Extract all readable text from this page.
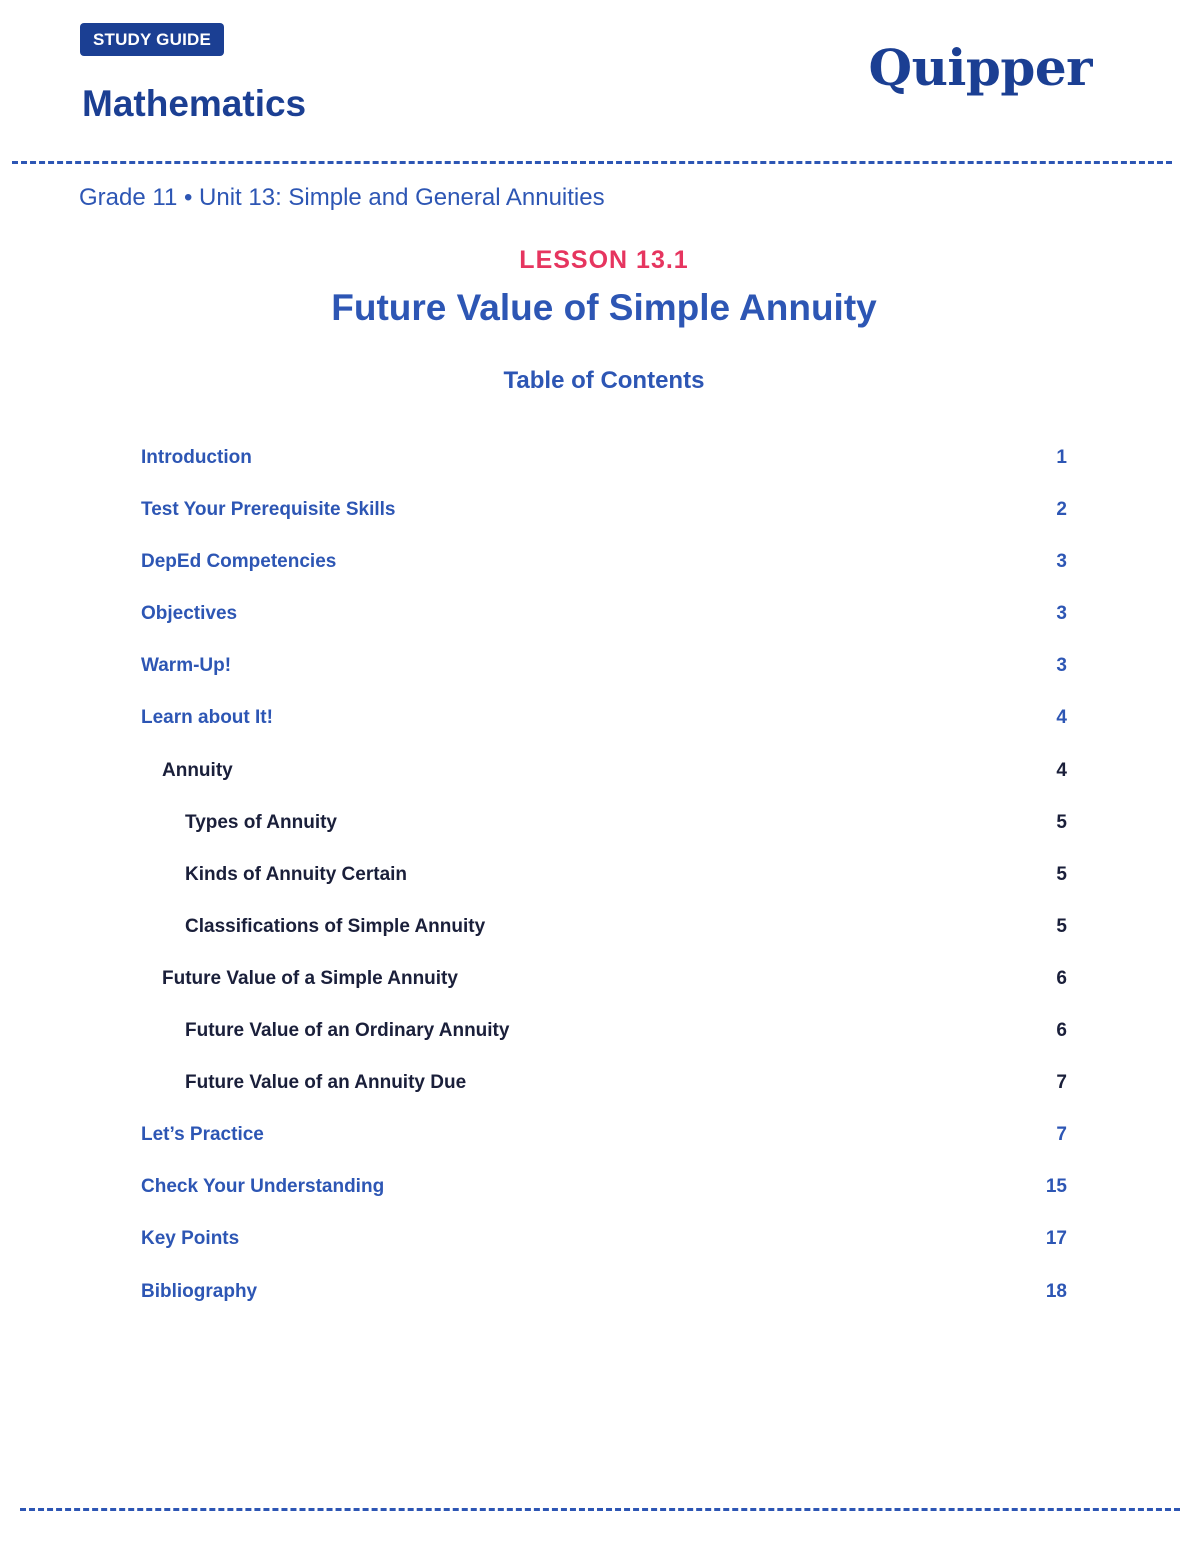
STUDY GUIDE
Mathematics
Quipper
Grade 11 • Unit 13: Simple and General Annuities
LESSON 13.1
Future Value of Simple Annuity
Table of Contents
Introduction	1
Test Your Prerequisite Skills	2
DepEd Competencies	3
Objectives	3
Warm-Up!	3
Learn about It!	4
Annuity	4
Types of Annuity	5
Kinds of Annuity Certain	5
Classifications of Simple Annuity	5
Future Value of a Simple Annuity	6
Future Value of an Ordinary Annuity	6
Future Value of an Annuity Due	7
Let’s Practice	7
Check Your Understanding	15
Key Points	17
Bibliography	18
